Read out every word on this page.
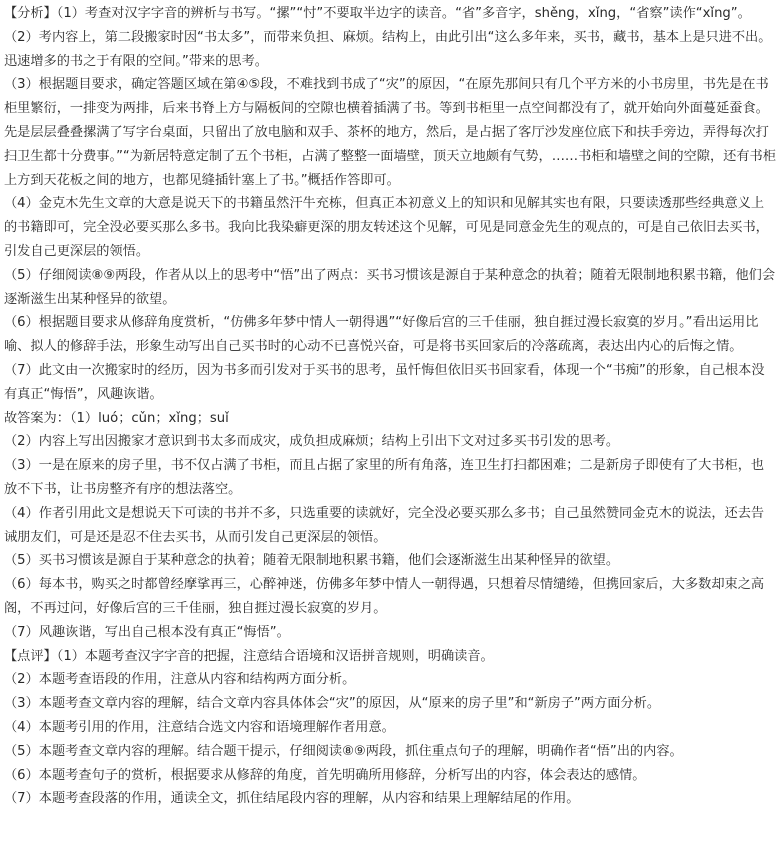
【分析】（1）考查对汉字字音的辨析与书写。“摞”“忖”不要取半边字的读音。“省”多音字，shěng，xǐng，“省察”读作“xǐng”。

（2）考内容上，第二段搬家时因“书太多”，而带来负担、麻烦。结构上，由此引出“这么多年来，买书，藏书，基本上是只进不出。迅速增多的书之于有限的空间。”带来的思考。

（3）根据题目要求，确定答题区域在第④⑤段，不难找到书成了“灾”的原因，“在原先那间只有几个平方米的小书房里，书先是在书柜里繁衍，一排变为两排，后来书脊上方与隔板间的空隙也横着插满了书。等到书柜里一点空间都没有了，就开始向外面蔓延蚕食。先是层层叠叠摞满了写字台桌面，只留出了放电脑和双手、茶杯的地方，然后，是占据了客厅沙发座位底下和扶手旁边，弄得每次打扫卫生都十分费事。”“为新居特意定制了五个书柜，占满了整整一面墙壁，顶天立地颇有气势，……书柜和墙壁之间的空隙，还有书柜上方到天花板之间的地方，也都见缝插针塞上了书。”概括作答即可。

（4）金克木先生文章的大意是说天下的书籍虽然汗牛充栋，但真正本初意义上的知识和见解其实也有限，只要读透那些经典意义上的书籍即可，完全没必要买那么多书。我向比我染癖更深的朋友转述这个见解，可见是同意金先生的观点的，可是自己依旧去买书，引发自己更深层的领悟。

（5）仔细阅读⑧⑨两段，作者从以上的思考中“悟”出了两点：买书习惯该是源自于某种意念的执着；随着无限制地积累书籍，他们会逐渐滋生出某种怪异的欲望。

（6）根据题目要求从修辞角度赏析，“仿佛多年梦中情人一朝得遇”“好像后宫的三千佳丽，独自捱过漫长寂寞的岁月。”看出运用比喻、拟人的修辞手法，形象生动写出自己买书时的心动不已喜悦兴奋，可是将书买回家后的冷落疏离，表达出内心的后悔之情。

（7）此文由一次搬家时的经历，因为书多而引发对于买书的思考，虽忏悔但依旧买书回家看，体现一个“书痴”的形象，自己根本没有真正“悔悟”，风趣诙谐。

故答案为：（1）luó；cǔn；xǐng；suǐ

（2）内容上写出因搬家才意识到书太多而成灾，成负担成麻烦；结构上引出下文对过多买书引发的思考。

（3）一是在原来的房子里，书不仅占满了书柜，而且占据了家里的所有角落，连卫生打扫都困难；二是新房子即使有了大书柜，也放不下书，让书房整齐有序的想法落空。

（4）作者引用此文是想说天下可读的书并不多，只选重要的读就好，完全没必要买那么多书；自己虽然赞同金克木的说法，还去告诫朋友们，可是还是忍不住去买书，从而引发自己更深层的领悟。

（5）买书习惯该是源自于某种意念的执着；随着无限制地积累书籍，他们会逐渐滋生出某种怪异的欲望。

（6）每本书，购买之时都曾经摩挲再三，心醉神迷，仿佛多年梦中情人一朝得遇，只想着尽情缱绻，但携回家后，大多数却束之高阁，不再过问，好像后宫的三千佳丽，独自捱过漫长寂寞的岁月。

（7）风趣诙谐，写出自己根本没有真正“悔悟”。

【点评】（1）本题考查汉字字音的把握，注意结合语境和汉语拼音规则，明确读音。

（2）本题考查语段的作用，注意从内容和结构两方面分析。

（3）本题考查文章内容的理解，结合文章内容具体体会“灾”的原因，从“原来的房子里”和“新房子”两方面分析。

（4）本题考引用的作用，注意结合选文内容和语境理解作者用意。

（5）本题考查文章内容的理解。结合题干提示，仔细阅读⑧⑨两段，抓住重点句子的理解，明确作者“悟”出的内容。

（6）本题考查句子的赏析，根据要求从修辞的角度，首先明确所用修辞，分析写出的内容，体会表达的感情。

（7）本题考查段落的作用，通读全文，抓住结尾段内容的理解，从内容和结果上理解结尾的作用。
